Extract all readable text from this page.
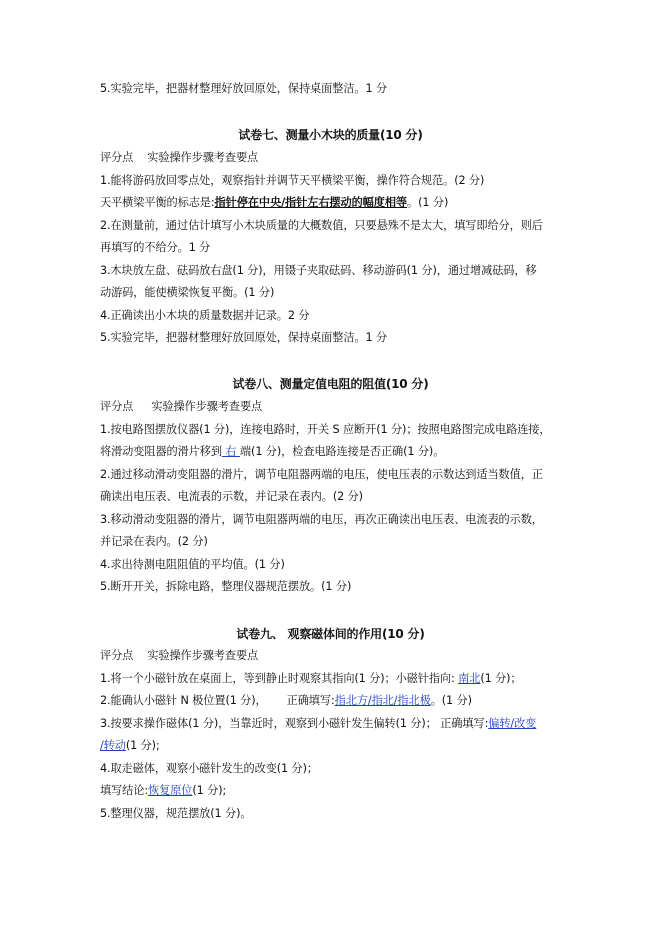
5.实验完毕，把器材整理好放回原处，保持桌面整洁。1 分
试卷七、测量小木块的质量(10 分)
评分点 实验操作步骤考查要点
1.能将游码放回零点处，观察指针并调节天平横梁平衡，操作符合规范。(2 分)
天平横梁平衡的标志是:指针停在中央/指针左右摆动的幅度相等。(1 分)
2.在测量前，通过估计填写小木块质量的大概数值，只要悬殊不是太大，填写即给分，则后
再填写的不给分。1 分
3.木块放左盘、砝码放右盘(1 分)，用镊子夹取砝码、移动游码(1 分)，通过增减砝码，移
动游码，能使横梁恢复平衡。(1 分)
4.正确读出小木块的质量数据并记录。2 分
5.实验完毕，把器材整理好放回原处，保持桌面整洁。1 分
试卷八、测量定值电阻的阻值(10 分)
评分点 实验操作步骤考查要点
1.按电路图摆放仪器(1 分)，连接电路时，开关 S 应断开(1 分)；按照电路图完成电路连接，
将滑动变阻器的滑片移到 右 端(1 分)，检查电路连接是否正确(1 分)。
2.通过移动滑动变阻器的滑片，调节电阻器两端的电压，使电压表的示数达到适当数值，正
确读出电压表、电流表的示数，并记录在表内。(2 分)
3.移动滑动变阻器的滑片，调节电阻器两端的电压，再次正确读出电压表、电流表的示数，
并记录在表内。(2 分)
4.求出待测电阻阻值的平均值。(1 分)
5.断开开关，拆除电路，整理仪器规范摆放。(1 分)
试卷九、 观察磁体间的作用(10 分)
评分点 实验操作步骤考查要点
1.将一个小磁针放在桌面上，等到静止时观察其指向(1 分)；小磁针指向: 南北(1 分)；
2.能确认小磁针 N 极位置(1 分)， 正确填写:指北方/指北/指北极。(1 分)
3.按要求操作磁体(1 分)，当靠近时，观察到小磁针发生偏转(1 分)； 正确填写:偏转/改变
/转动(1 分);
4.取走磁体，观察小磁针发生的改变(1 分)；
填写结论:恢复原位(1 分);
5.整理仪器，规范摆放(1 分)。
